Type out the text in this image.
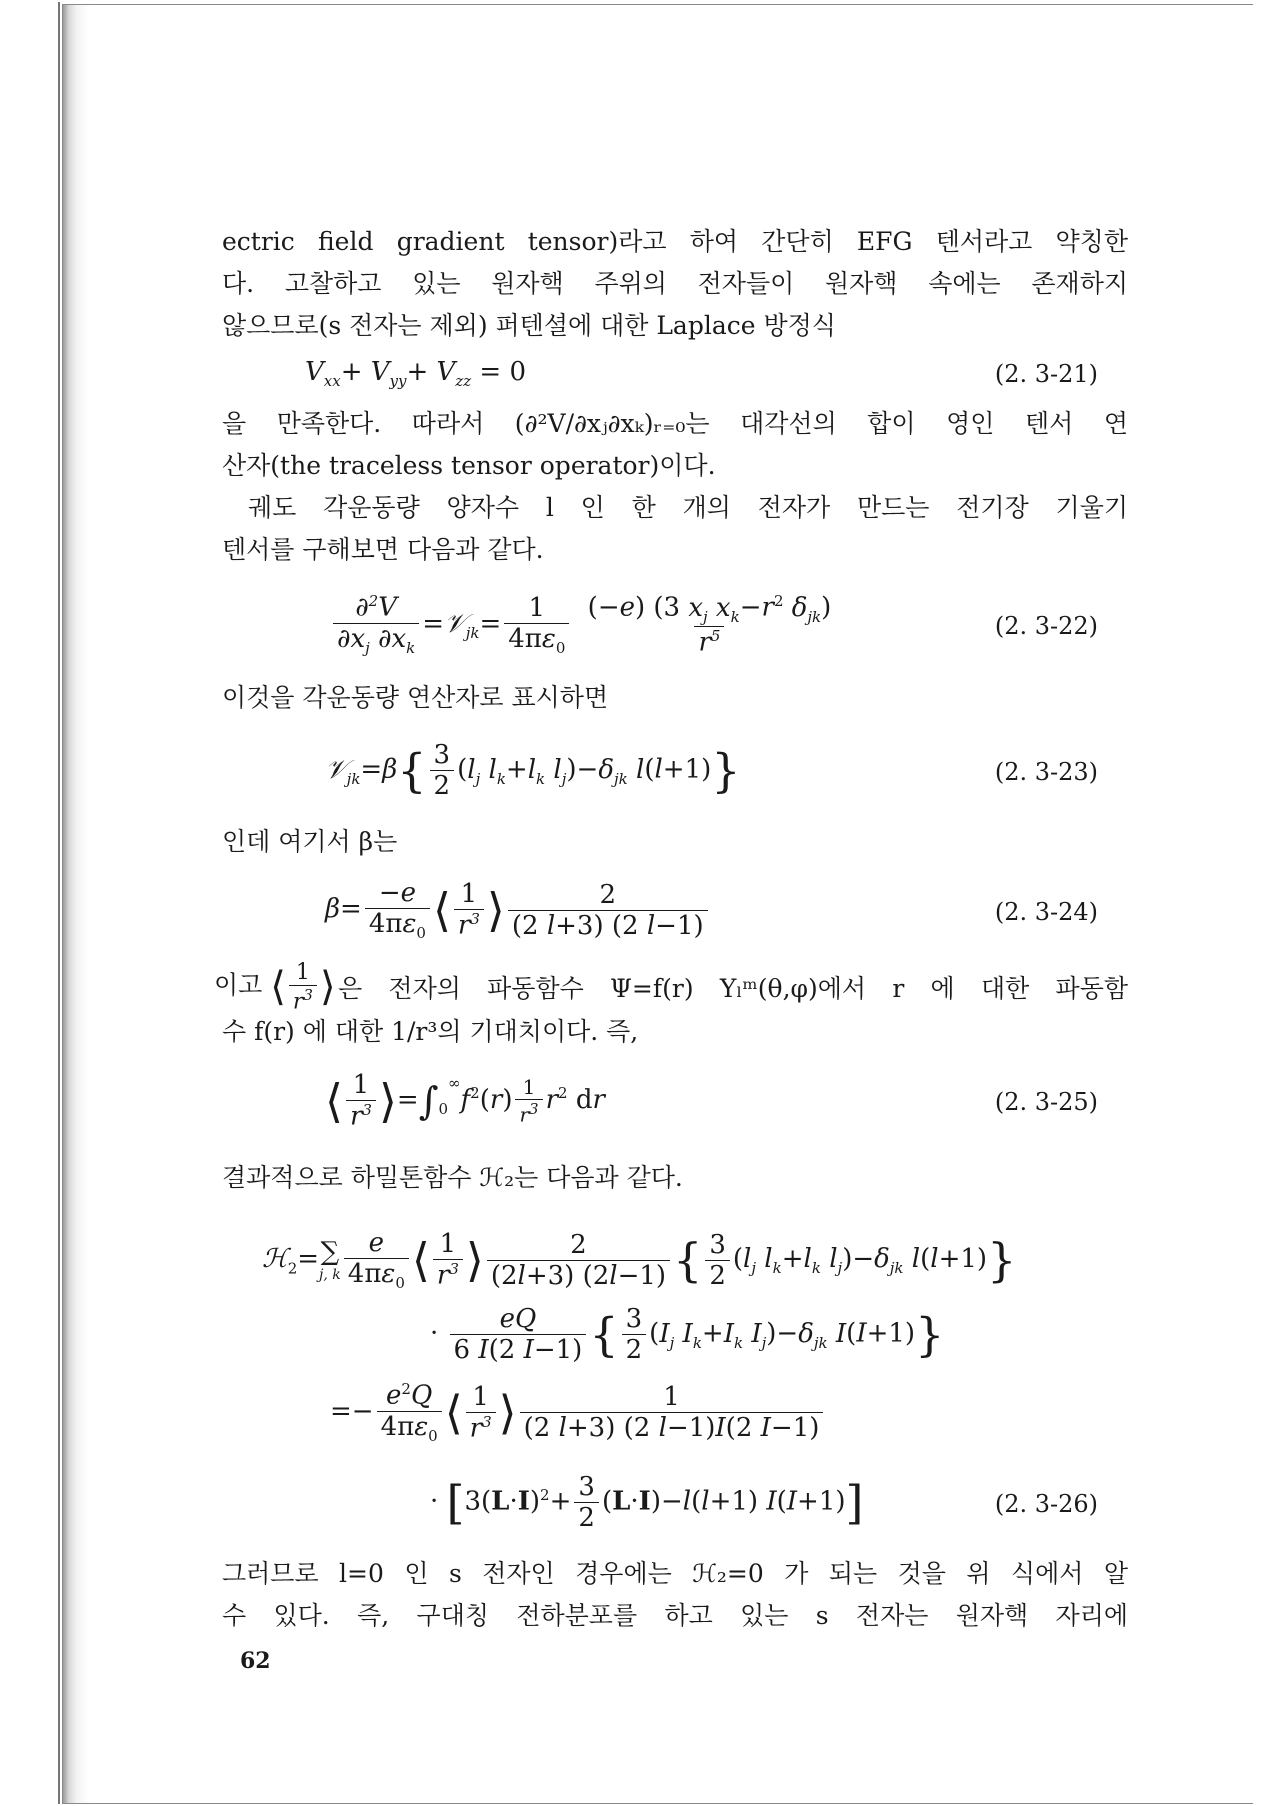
ectric field gradient tensor)라고 하여 간단히 EFG 텐서라고 약칭한
다. 고찰하고 있는 원자핵 주위의 전자들이 원자핵 속에는 존재하지
않으므로(s 전자는 제외) 퍼텐셜에 대한 Laplace 방정식
$V_{xx}+ V_{yy}+ V_{zz} = 0$	(2. 3-21)
을 만족한다. 따라서 (∂²V/∂xⱼ∂xₖ)ᵣ₌₀는 대각선의 합이 영인 텐서 연
산자(the traceless tensor operator)이다.
궤도 각운동량 양자수 l 인 한 개의 전자가 만드는 전기장 기울기
텐서를 구해보면 다음과 같다.
$\frac{\partial^2V}{\partial x_j \partial x_k}$ =𝒱$_{jk}$= $\frac{1}{4\pi\varepsilon_0}$
$\frac{(-e) (3 x_j x_k-r^2 \delta_{jk})}{r^5}$	(2. 3-22)
이것을 각운동량 연산자로 표시하면
𝒱$_{jk}$=β{ $\frac{3}{2} (l_j$ $l_k+l_k$ $l_j)-\delta_{jk}$ l(l+1)}	(2. 3-23)
인데 여기서 β는
$\beta= \frac{-e}{4\pi\varepsilon_0}$ ⟨ $\frac{1}{r^3}$ ⟩ $\frac{2}{(2 l+3) (2 l-1)}$	(2. 3-24)
이고 ⟨ $\frac{1}{r^3}$ ⟩ 은 전자의 파동함수 Ψ=f(r) Yₗᵐ(θ,φ)에서 r 에 대한 파동함
수 f(r) 에 대한 1/r³의 기대치이다. 즉,
⟨ $\frac{1}{r^3}$ $⟩=\int_0^\infty f^2(r) \frac{1}{r^3} r^2$ dr	(2. 3-25)
결과적으로 하밀톤함수 ℋ₂는 다음과 같다.
ℋ$_2$= ∑
j, k $\frac{e}{4\pi\varepsilon_0}$ ⟨ $\frac{1}{r^3}$ ⟩ $\frac{2}{(2l+3) (2l-1)}$ { $\frac{3}{2} (l_j$ $l_k+l_k$ $l_j)-\delta_{jk}$ l(l+1)}
· $\frac{eQ}{6 I(2 I-1)}$ { $\frac{3}{2} (I_j$ $I_k+I_k$ $I_j)-\delta_{jk}$ I(I+1)}
=− $\frac{e^2Q}{4\pi\varepsilon_0}$ ⟨ $\frac{1}{r^3}$ ⟩ $\frac{1}{(2 l+3) (2 l-1)I(2 I-1)}$
· [$3(L\cdot I)^2+ \frac{3}{2} (L\cdot I)-l(l+1)$ I(I+1)]	(2. 3-26)
그러므로 l=0 인 s 전자인 경우에는 ℋ₂=0 가 되는 것을 위 식에서 알
수 있다. 즉, 구대칭 전하분포를 하고 있는 s 전자는 원자핵 자리에
62
